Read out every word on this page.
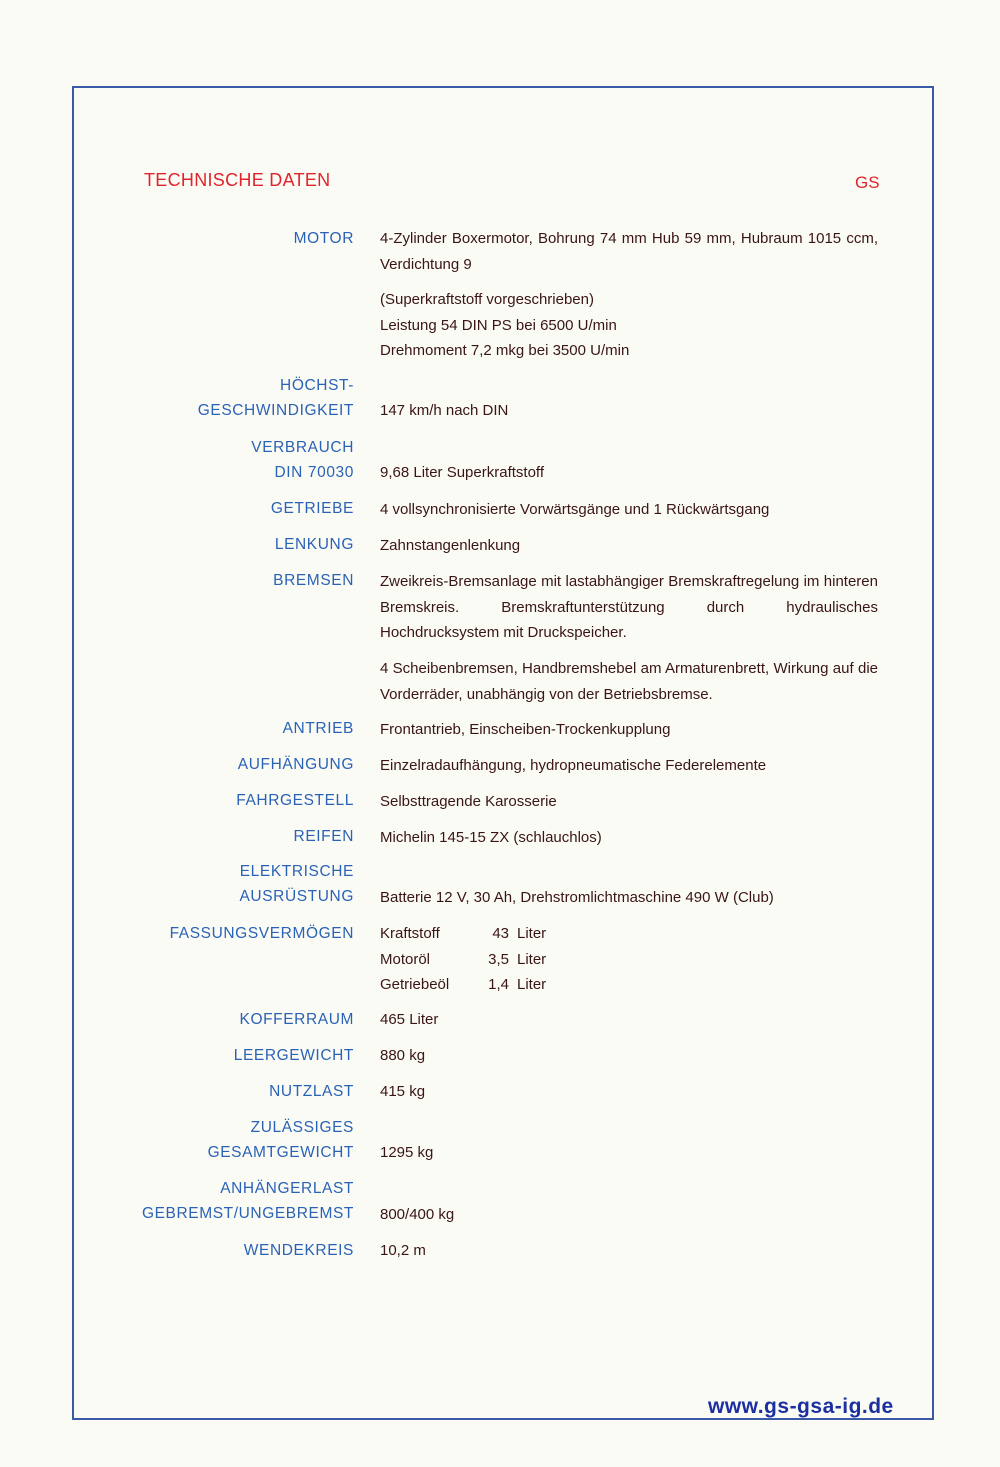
TECHNISCHE DATEN	GS
MOTOR 4-Zylinder Boxermotor, Bohrung 74 mm Hub 59 mm, Hubraum 1015 ccm, Verdichtung 9

(Superkraftstoff vorgeschrieben)

Leistung 54 DIN PS bei 6500 U/min

Drehmoment 7,2 mkg bei 3500 U/min

HÖCHST-
GESCHWINDIGKEIT 147 km/h nach DIN
VERBRAUCH
DIN 70030 9,68 Liter Superkraftstoff
GETRIEBE 4 vollsynchronisierte Vorwärtsgänge und 1 Rückwärtsgang
LENKUNG Zahnstangenlenkung
BREMSEN Zweikreis-Bremsanlage mit lastabhängiger Bremskraftregelung im hinteren Bremskreis. Bremskraftunterstützung durch hydraulisches Hochdrucksystem mit Druckspeicher.
4 Scheibenbremsen, Handbremshebel am Armaturenbrett, Wirkung auf die Vorderräder, unabhängig von der Betriebsbremse.
ANTRIEB Frontantrieb, Einscheiben-Trockenkupplung
AUFHÄNGUNG Einzelradaufhängung, hydropneumatische Federelemente
FAHRGESTELL Selbsttragende Karosserie
REIFEN Michelin 145-15 ZX (schlauchlos)
ELEKTRISCHE
AUSRÜSTUNG Batterie 12 V, 30 Ah, Drehstromlichtmaschine 490 W (Club)
FASSUNGSVERMÖGEN Kraftstoff	43 Liter
Motoröl	3,5 Liter
Getriebeöl	1,4 Liter
KOFFERRAUM 465 Liter
LEERGEWICHT 880 kg
NUTZLAST 415 kg
ZULÄSSIGES
GESAMTGEWICHT 1295 kg
ANHÄNGERLAST
GEBREMST/UNGEBREMST 800/400 kg
WENDEKREIS 10,2 m
www.gs-gsa-ig.de
